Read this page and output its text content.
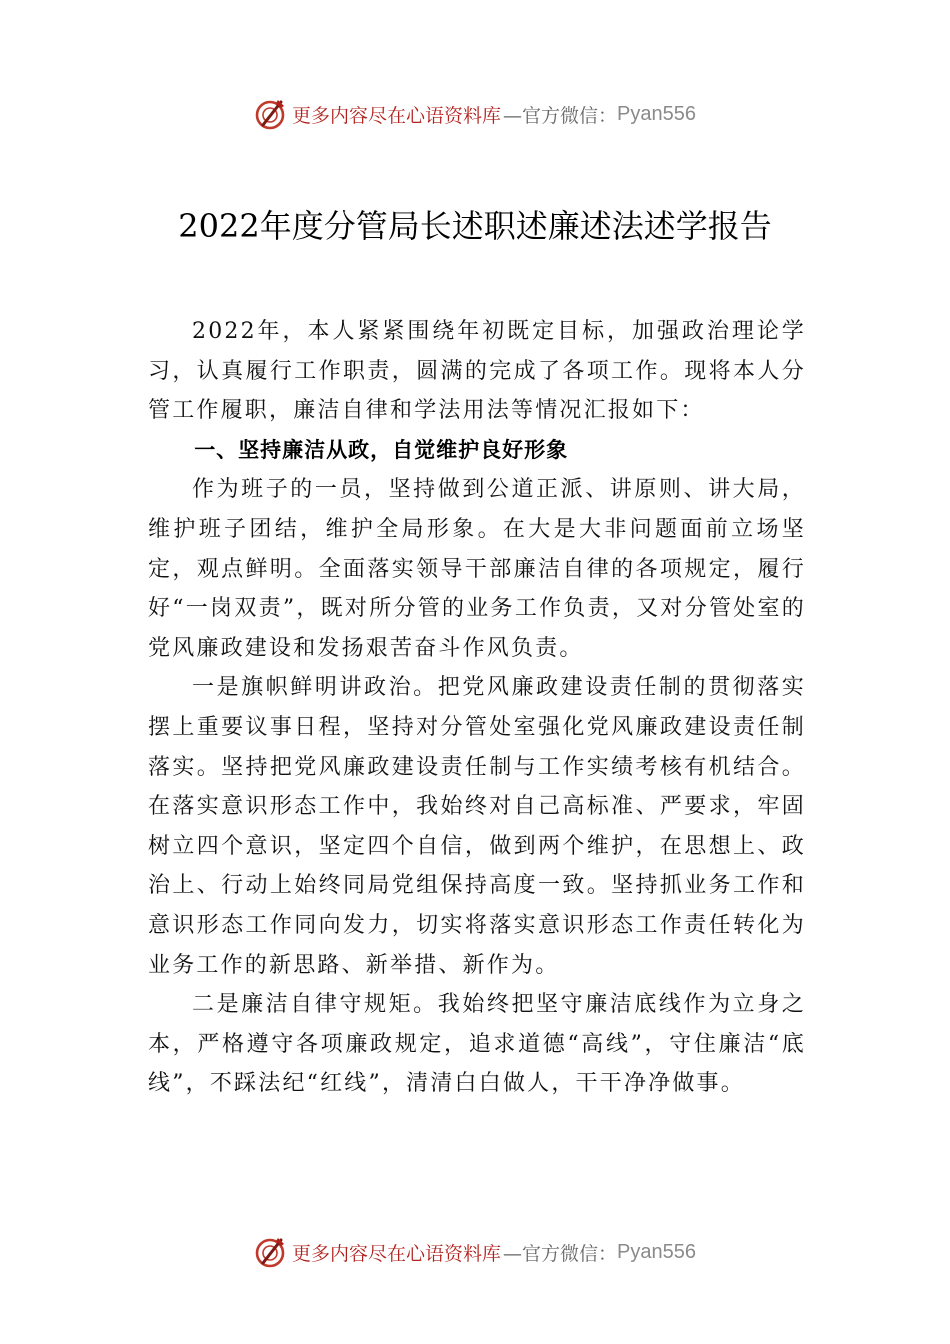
更多内容尽在心语资料库 —官方微信： Pyan556
2022年度分管局长述职述廉述法述学报告

2022年，本人紧紧围绕年初既定目标，加强政治理论学习，认真履行工作职责，圆满的完成了各项工作。现将本人分管工作履职，廉洁自律和学法用法等情况汇报如下：

一、坚持廉洁从政，自觉维护良好形象

作为班子的一员，坚持做到公道正派、讲原则、讲大局，维护班子团结，维护全局形象。在大是大非问题面前立场坚定，观点鲜明。全面落实领导干部廉洁自律的各项规定，履行好“一岗双责”，既对所分管的业务工作负责，又对分管处室的党风廉政建设和发扬艰苦奋斗作风负责。

一是旗帜鲜明讲政治。把党风廉政建设责任制的贯彻落实摆上重要议事日程，坚持对分管处室强化党风廉政建设责任制落实。坚持把党风廉政建设责任制与工作实绩考核有机结合。在落实意识形态工作中，我始终对自己高标准、严要求，牢固树立四个意识，坚定四个自信，做到两个维护，在思想上、政治上、行动上始终同局党组保持高度一致。坚持抓业务工作和意识形态工作同向发力，切实将落实意识形态工作责任转化为业务工作的新思路、新举措、新作为。

二是廉洁自律守规矩。我始终把坚守廉洁底线作为立身之本，严格遵守各项廉政规定，追求道德“高线”，守住廉洁“底线”，不踩法纪“红线”，清清白白做人，干干净净做事。

更多内容尽在心语资料库 —官方微信： Pyan556
